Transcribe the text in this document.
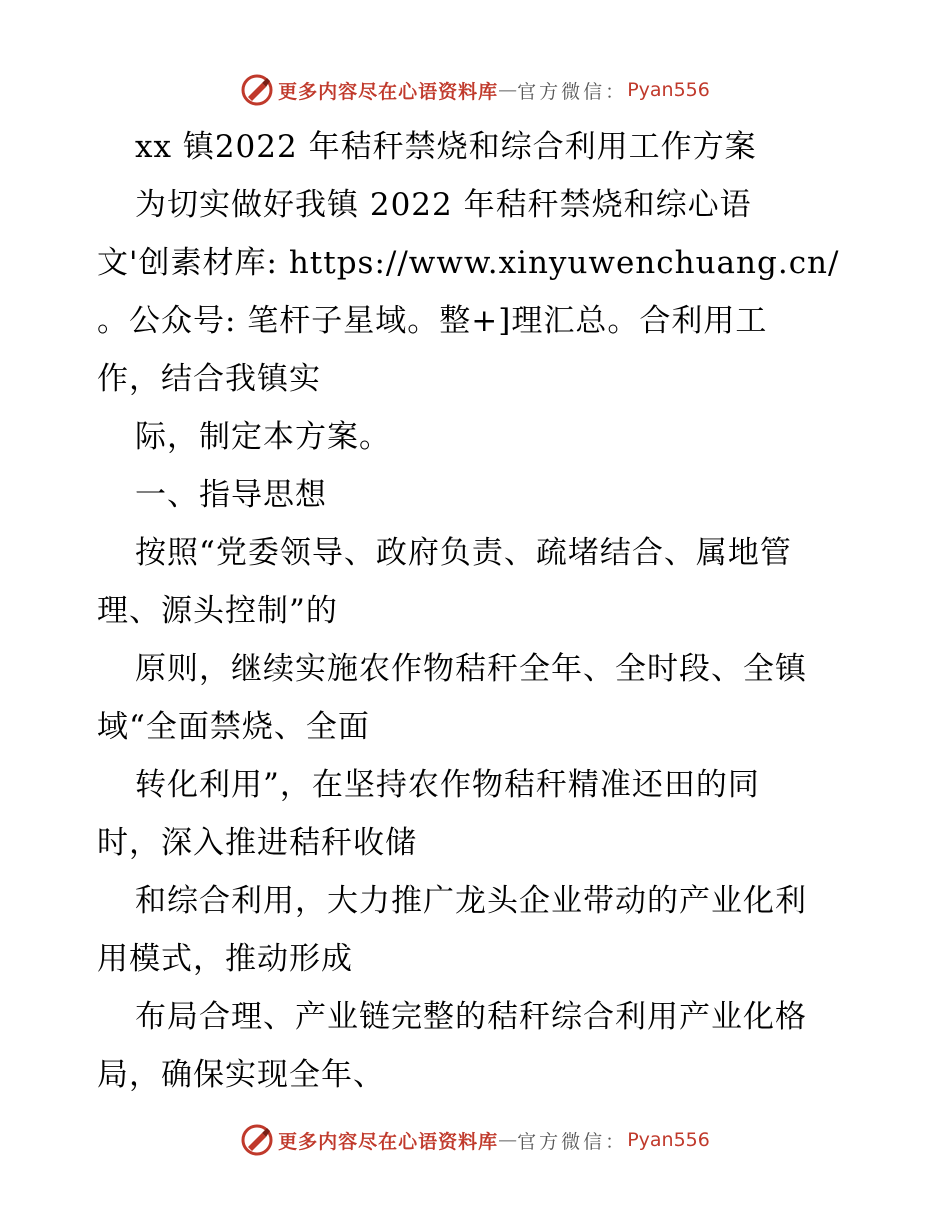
更多内容尽在心语资料库 — 官方微信： Pyan556
xx 镇2022 年秸秆禁烧和综合利用工作方案
为切实做好我镇 2022 年秸秆禁烧和综心语
文'创素材库: https://www.xinyuwenchuang.cn/
。公众号: 笔杆子星域。整+]理汇总。合利用工
作，结合我镇实
际，制定本方案。
一、指导思想
按照“党委领导、政府负责、疏堵结合、属地管
理、源头控制”的
原则，继续实施农作物秸秆全年、全时段、全镇
域“全面禁烧、全面
转化利用”，在坚持农作物秸秆精准还田的同
时，深入推进秸秆收储
和综合利用，大力推广龙头企业带动的产业化利
用模式，推动形成
布局合理、产业链完整的秸秆综合利用产业化格
局，确保实现全年、
更多内容尽在心语资料库 — 官方微信： Pyan556
